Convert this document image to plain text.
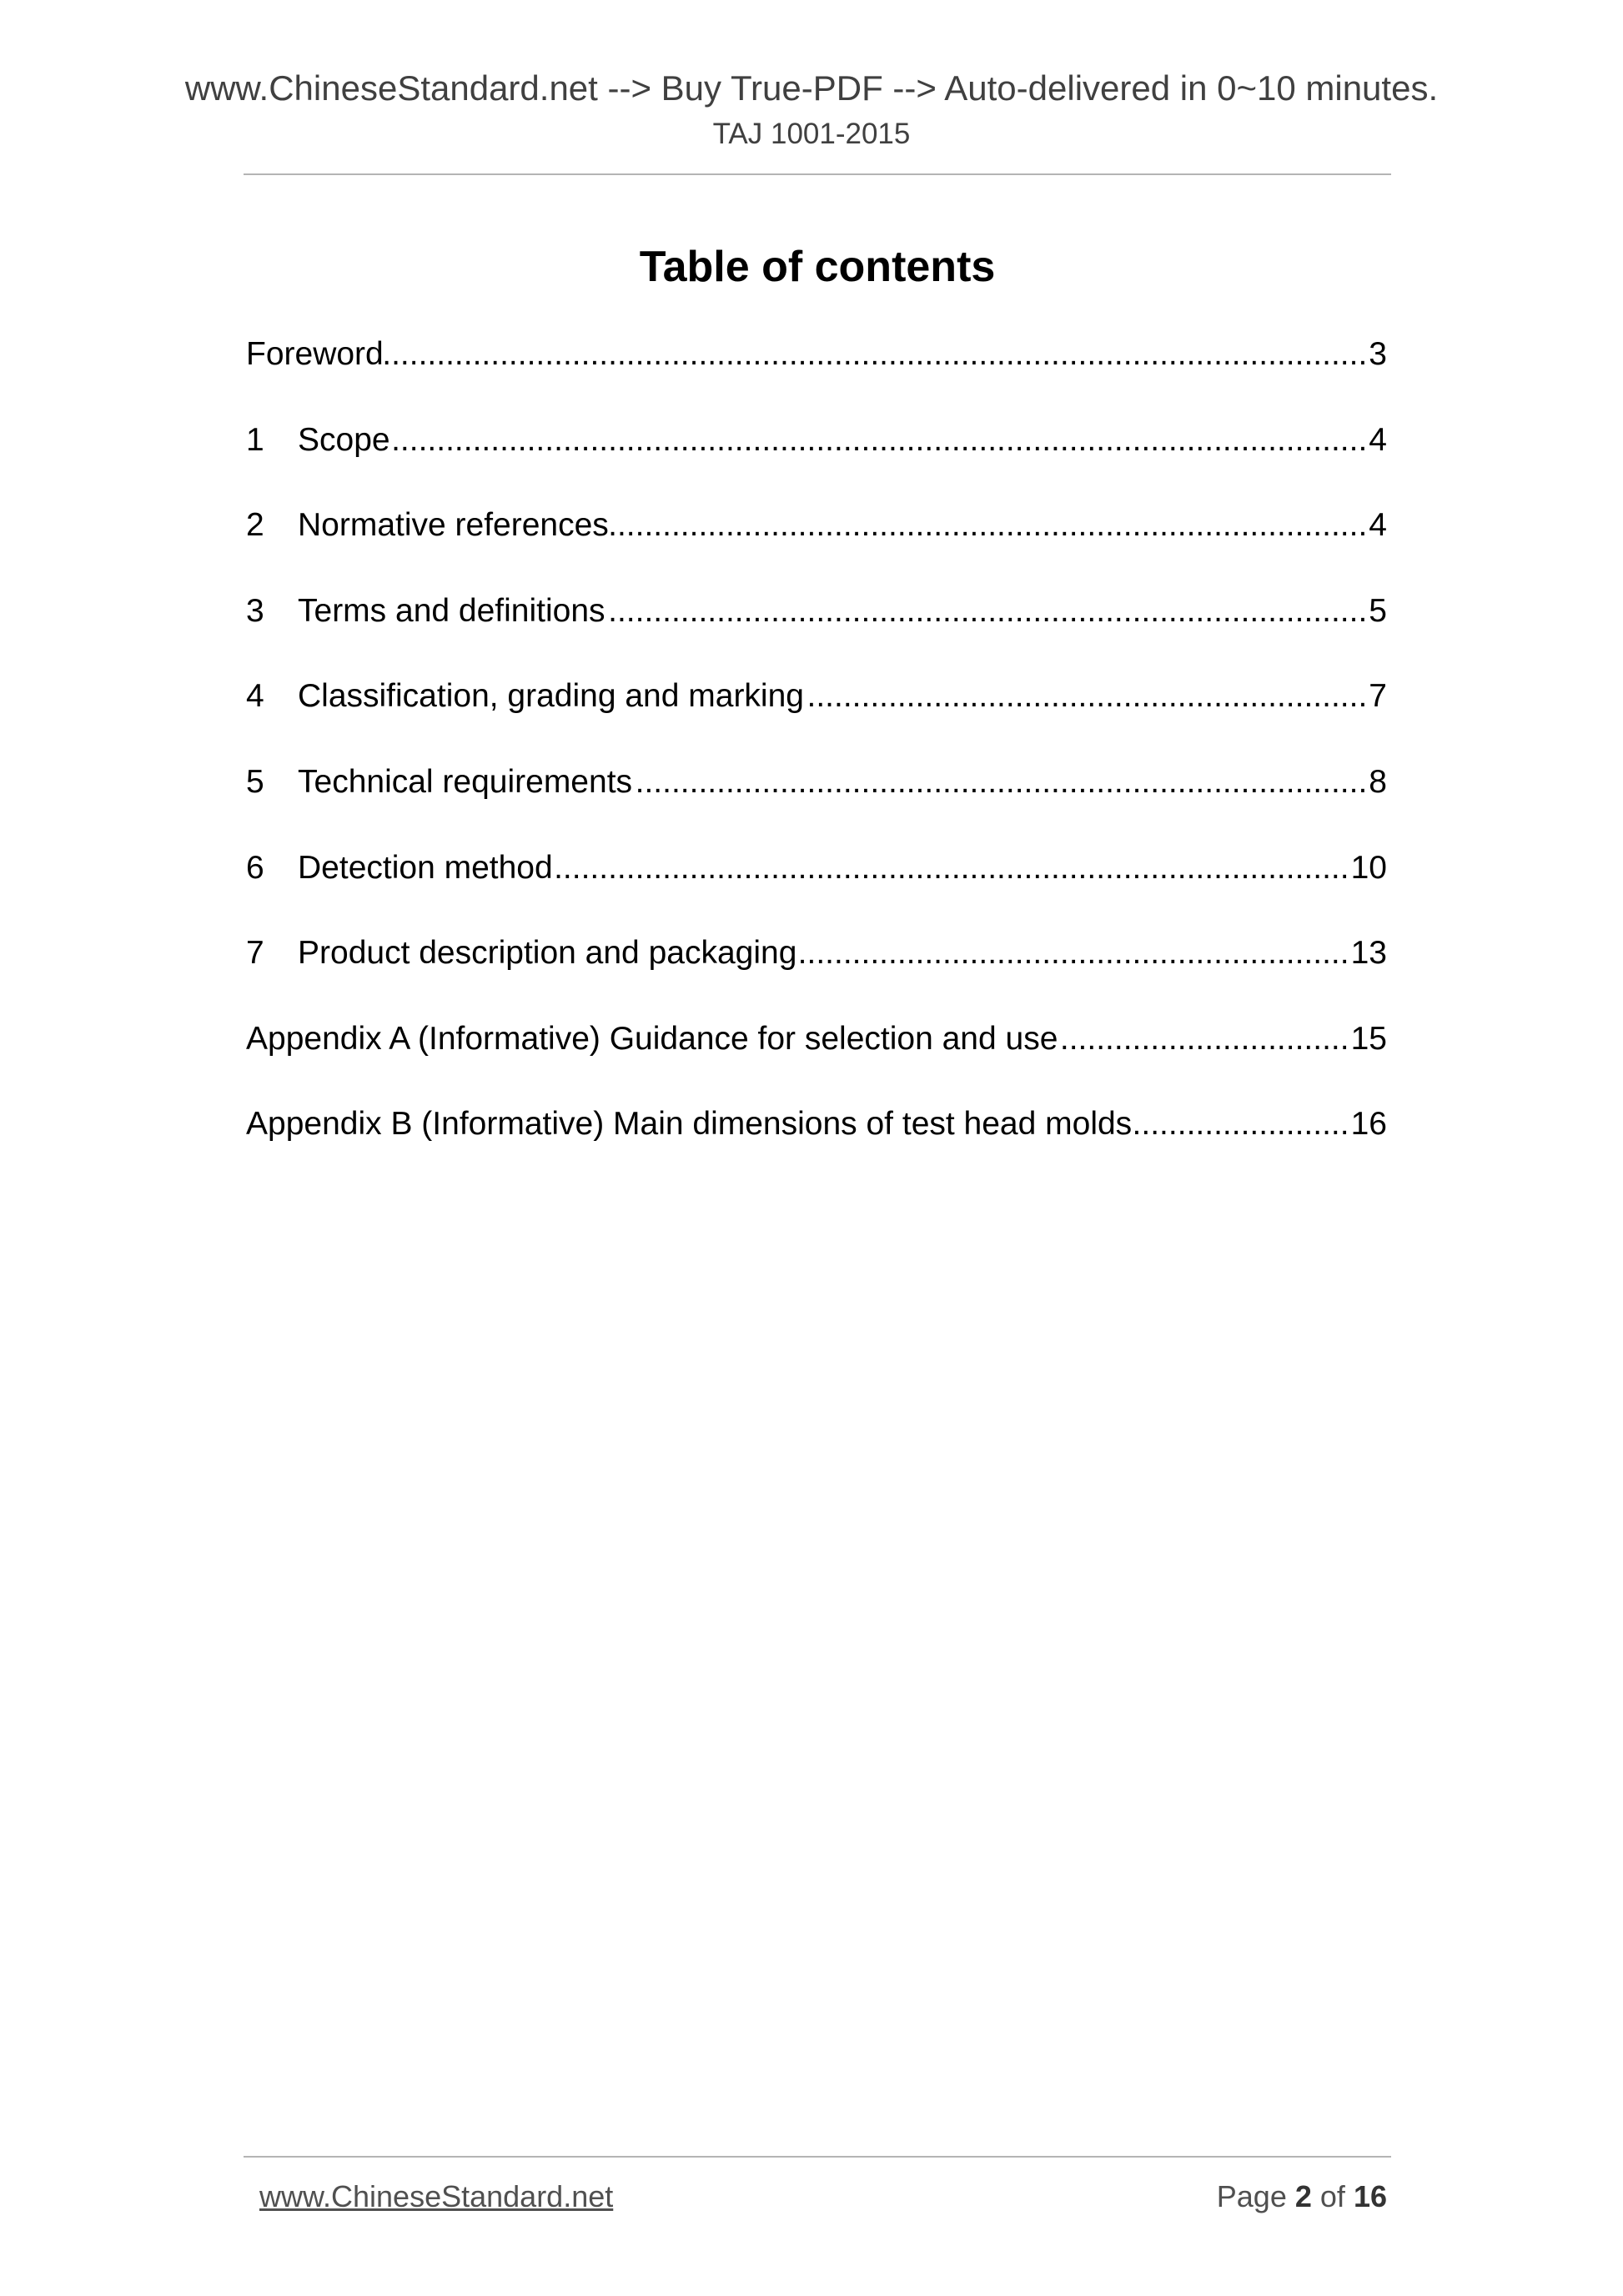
www.ChineseStandard.net --> Buy True-PDF --> Auto-delivered in 0~10 minutes.
TAJ 1001-2015
Table of contents
Foreword .....	3
1	Scope .....	4
2	Normative references .....	4
3	Terms and definitions .....	5
4	Classification, grading and marking .....	7
5	Technical requirements .....	8
6	Detection method .....	10
7	Product description and packaging .....	13
Appendix A (Informative) Guidance for selection and use .....	15
Appendix B (Informative) Main dimensions of test head molds .....	16
www.ChineseStandard.net	Page 2 of 16
